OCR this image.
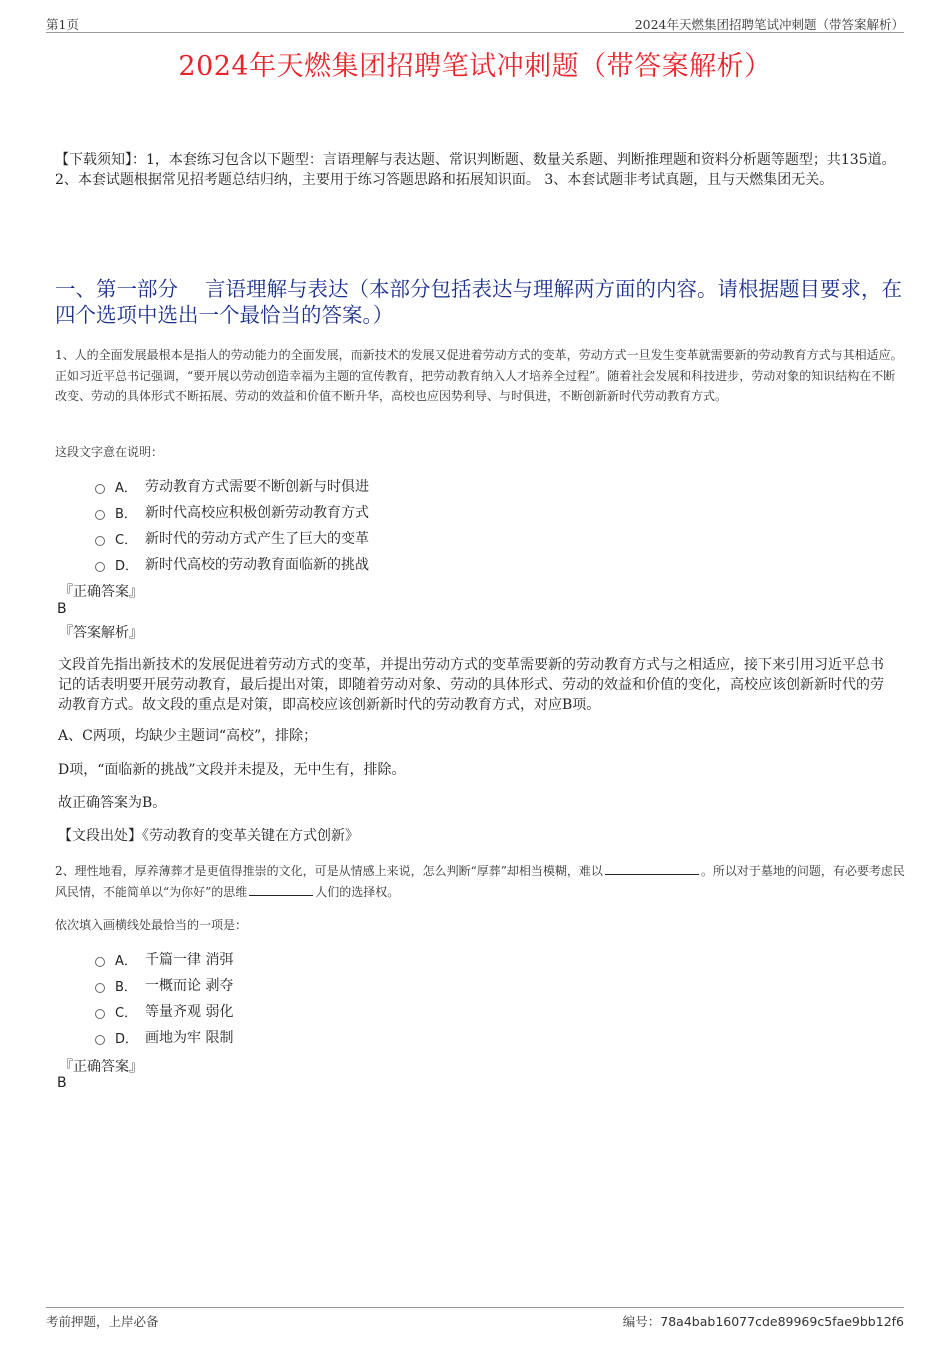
第1页	2024年天燃集团招聘笔试冲刺题（带答案解析）
2024年天燃集团招聘笔试冲刺题（带答案解析）
【下载须知】：1，本套练习包含以下题型：言语理解与表达题、常识判断题、数量关系题、判断推理题和资料分析题等题型；共135道。 2、本套试题根据常见招考题总结归纳，主要用于练习答题思路和拓展知识面。 3、本套试题非考试真题，且与天燃集团无关。
一、第一部分　 言语理解与表达（本部分包括表达与理解两方面的内容。请根据题目要求，在四个选项中选出一个最恰当的答案。）
1、人的全面发展最根本是指人的劳动能力的全面发展，而新技术的发展又促进着劳动方式的变革，劳动方式一旦发生变革就需要新的劳动教育方式与其相适应。正如习近平总书记强调，“要开展以劳动创造幸福为主题的宣传教育，把劳动教育纳入人才培养全过程”。随着社会发展和科技进步，劳动对象的知识结构在不断改变、劳动的具体形式不断拓展、劳动的效益和价值不断升华，高校也应因势利导、与时俱进，不断创新新时代劳动教育方式。
这段文字意在说明：
A． 劳动教育方式需要不断创新与时俱进
B． 新时代高校应积极创新劳动教育方式
C． 新时代的劳动方式产生了巨大的变革
D． 新时代高校的劳动教育面临新的挑战
『正确答案』
B
『答案解析』
文段首先指出新技术的发展促进着劳动方式的变革，并提出劳动方式的变革需要新的劳动教育方式与之相适应，接下来引用习近平总书记的话表明要开展劳动教育，最后提出对策，即随着劳动对象、劳动的具体形式、劳动的效益和价值的变化，高校应该创新新时代的劳动教育方式。故文段的重点是对策，即高校应该创新新时代的劳动教育方式，对应B项。
A、C两项，均缺少主题词“高校”，排除；
D项，“面临新的挑战”文段并未提及，无中生有，排除。
故正确答案为B。
【文段出处】《劳动教育的变革关键在方式创新》
2、理性地看，厚养薄葬才是更值得推崇的文化，可是从情感上来说，怎么判断“厚葬”却相当模糊，难以	。所以对于墓地的问题，有必要考虑民风民情，不能简单以“为你好”的思维	人们的选择权。
依次填入画横线处最恰当的一项是：
A． 千篇一律 消弭
B． 一概而论 剥夺
C． 等量齐观 弱化
D． 画地为牢 限制
『正确答案』
B
考前押题，上岸必备	编号：78a4bab16077cde89969c5fae9bb12f6
